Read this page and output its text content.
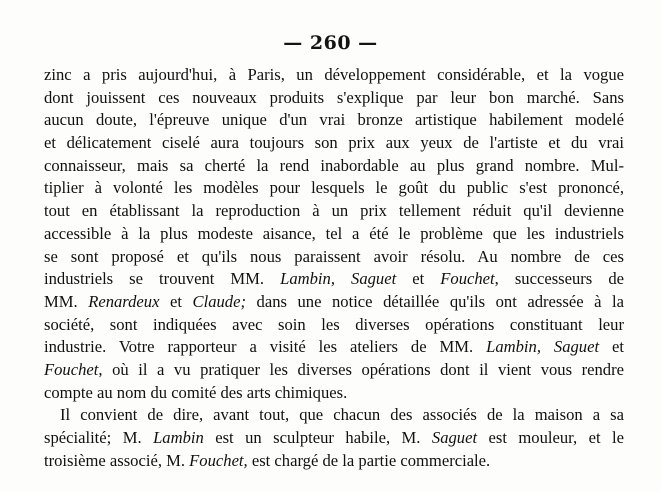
— 260 —
zinc a pris aujourd'hui, à Paris, un développement considérable, et la vogue
dont jouissent ces nouveaux produits s'explique par leur bon marché. Sans
aucun doute, l'épreuve unique d'un vrai bronze artistique habilement modelé
et délicatement ciselé aura toujours son prix aux yeux de l'artiste et du vrai
connaisseur, mais sa cherté la rend inabordable au plus grand nombre. Mul-
tiplier à volonté les modèles pour lesquels le goût du public s'est prononcé,
tout en établissant la reproduction à un prix tellement réduit qu'il devienne
accessible à la plus modeste aisance, tel a été le problème que les industriels
se sont proposé et qu'ils nous paraissent avoir résolu. Au nombre de ces
industriels se trouvent MM. Lambin, Saguet et Fouchet, successeurs de
MM. Renardeux et Claude; dans une notice détaillée qu'ils ont adressée à la
société, sont indiquées avec soin les diverses opérations constituant leur
industrie. Votre rapporteur a visité les ateliers de MM. Lambin, Saguet et
Fouchet, où il a vu pratiquer les diverses opérations dont il vient vous rendre
compte au nom du comité des arts chimiques.
Il convient de dire, avant tout, que chacun des associés de la maison a sa
spécialité; M. Lambin est un sculpteur habile, M. Saguet est mouleur, et le
troisième associé, M. Fouchet, est chargé de la partie commerciale.
